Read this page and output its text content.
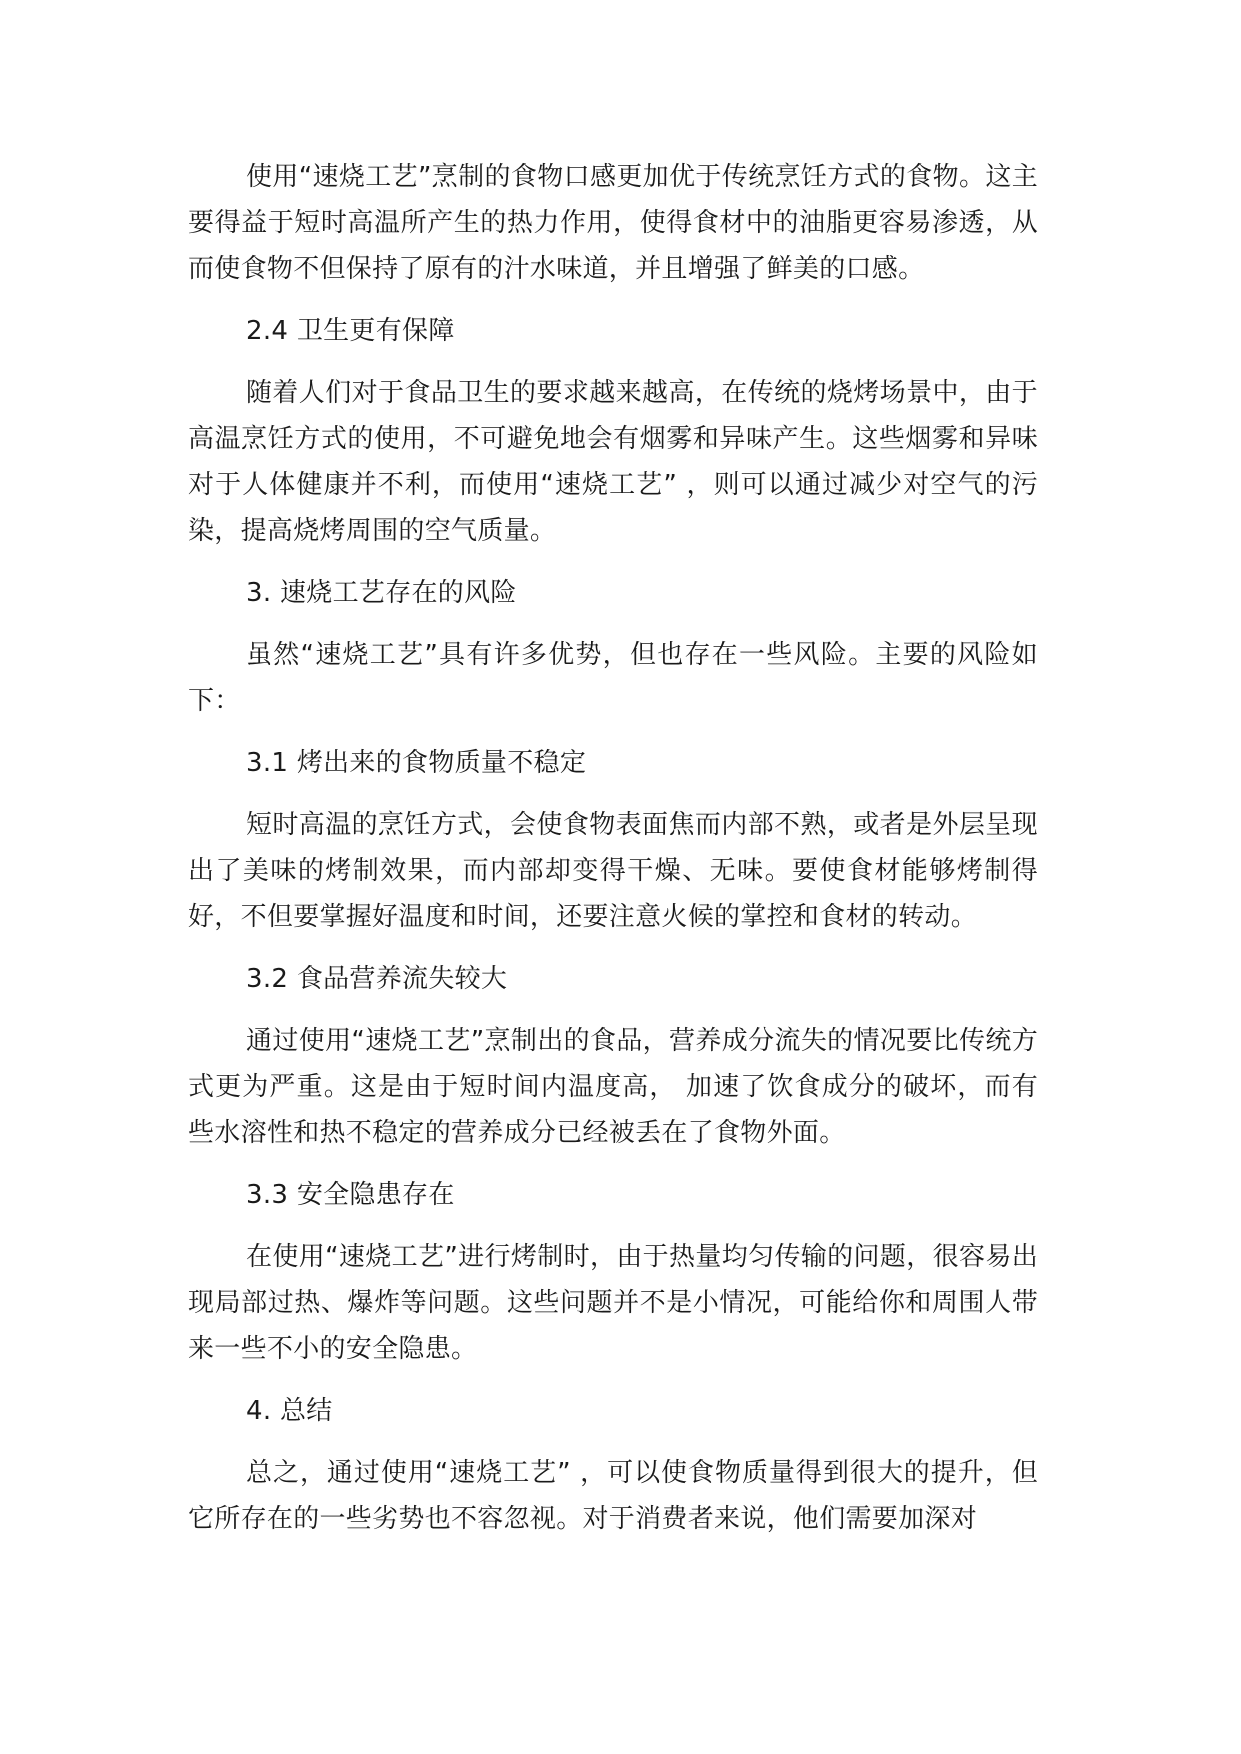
使用“速烧工艺”烹制的食物口感更加优于传统烹饪方式的食物。这主要得益于短时高温所产生的热力作用，使得食材中的油脂更容易渗透，从而使食物不但保持了原有的汁水味道，并且增强了鲜美的口感。

2.4 卫生更有保障

随着人们对于食品卫生的要求越来越高，在传统的烧烤场景中，由于高温烹饪方式的使用，不可避免地会有烟雾和异味产生。这些烟雾和异味对于人体健康并不利，而使用“速烧工艺” ，则可以通过减少对空气的污染，提高烧烤周围的空气质量。

3. 速烧工艺存在的风险

虽然“速烧工艺”具有许多优势，但也存在一些风险。主要的风险如下：

3.1 烤出来的食物质量不稳定

短时高温的烹饪方式，会使食物表面焦而内部不熟，或者是外层呈现出了美味的烤制效果，而内部却变得干燥、无味。要使食材能够烤制得好，不但要掌握好温度和时间，还要注意火候的掌控和食材的转动。

3.2 食品营养流失较大

通过使用“速烧工艺”烹制出的食品，营养成分流失的情况要比传统方式更为严重。这是由于短时间内温度高， 加速了饮食成分的破坏，而有些水溶性和热不稳定的营养成分已经被丢在了食物外面。

3.3 安全隐患存在

在使用“速烧工艺”进行烤制时，由于热量均匀传输的问题，很容易出现局部过热、爆炸等问题。这些问题并不是小情况，可能给你和周围人带来一些不小的安全隐患。

4. 总结

总之，通过使用“速烧工艺” ，可以使食物质量得到很大的提升，但它所存在的一些劣势也不容忽视。对于消费者来说，他们需要加深对
